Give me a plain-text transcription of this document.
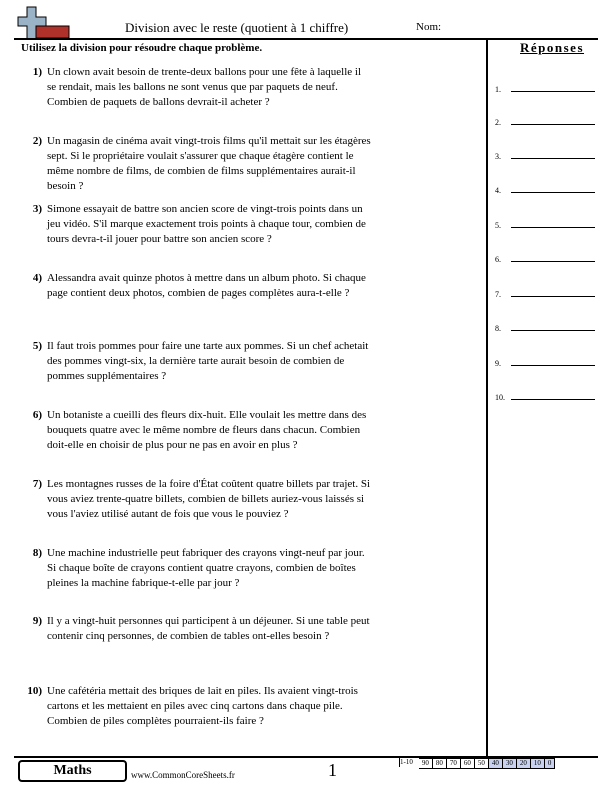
Division avec le reste (quotient à 1 chiffre)	Nom:
Utilisez la division pour résoudre chaque problème.
1) Un clown avait besoin de trente-deux ballons pour une fête à laquelle il se rendait, mais les ballons ne sont venus que par paquets de neuf. Combien de paquets de ballons devrait-il acheter ?
2) Un magasin de cinéma avait vingt-trois films qu'il mettait sur les étagères sept. Si le propriétaire voulait s'assurer que chaque étagère contient le même nombre de films, de combien de films supplémentaires aurait-il besoin ?
3) Simone essayait de battre son ancien score de vingt-trois points dans un jeu vidéo. S'il marque exactement trois points à chaque tour, combien de tours devra-t-il jouer pour battre son ancien score ?
4) Alessandra avait quinze photos à mettre dans un album photo. Si chaque page contient deux photos, combien de pages complètes aura-t-elle ?
5) Il faut trois pommes pour faire une tarte aux pommes. Si un chef achetait des pommes vingt-six, la dernière tarte aurait besoin de combien de pommes supplémentaires ?
6) Un botaniste a cueilli des fleurs dix-huit. Elle voulait les mettre dans des bouquets quatre avec le même nombre de fleurs dans chacun. Combien doit-elle en choisir de plus pour ne pas en avoir en plus ?
7) Les montagnes russes de la foire d'État coûtent quatre billets par trajet. Si vous aviez trente-quatre billets, combien de billets auriez-vous laissés si vous l'aviez utilisé autant de fois que vous le pouviez ?
8) Une machine industrielle peut fabriquer des crayons vingt-neuf par jour. Si chaque boîte de crayons contient quatre crayons, combien de boîtes pleines la machine fabrique-t-elle par jour ?
9) Il y a vingt-huit personnes qui participent à un déjeuner. Si une table peut contenir cinq personnes, de combien de tables ont-elles besoin ?
10) Une cafétéria mettait des briques de lait en piles. Ils avaient vingt-trois cartons et les mettaient en piles avec cinq cartons dans chaque pile. Combien de piles complètes pourraient-ils faire ?
Réponses
1.
2.
3.
4.
5.
6.
7.
8.
9.
10.
Maths	www.CommonCoreSheets.fr	1	1-10	90	80	70	60	50	40	30	20	10	0
